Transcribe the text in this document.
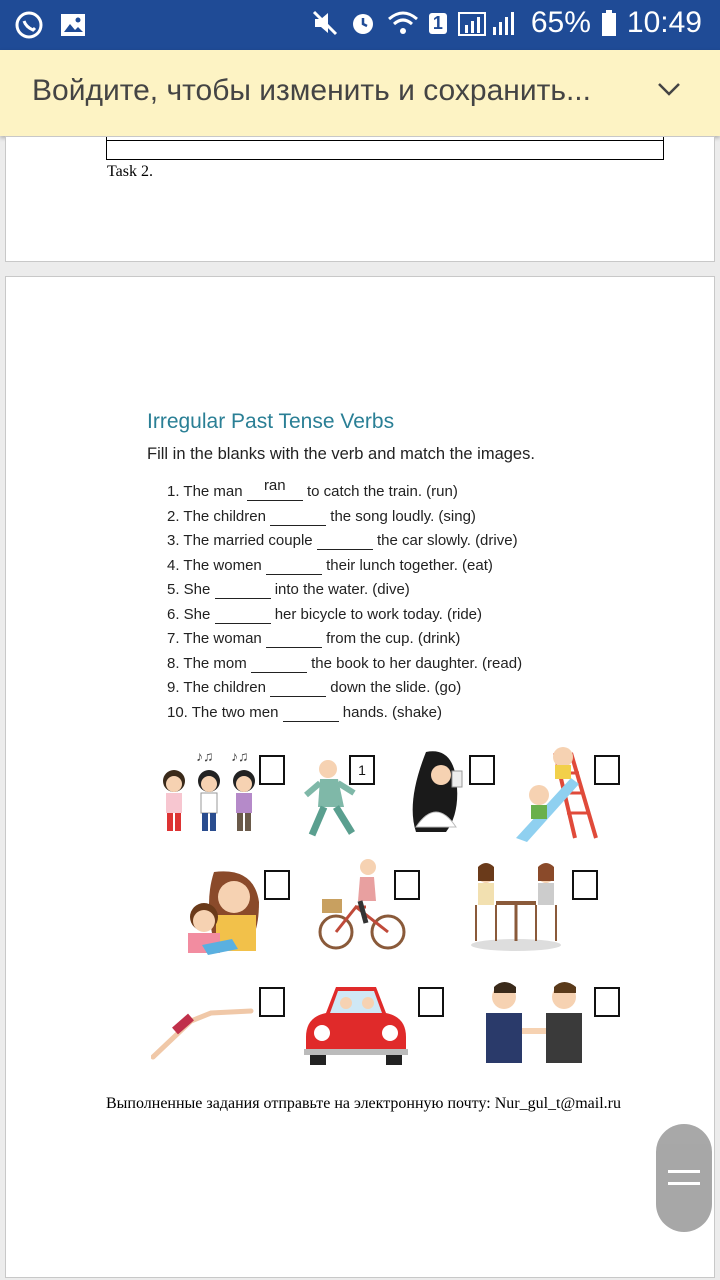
1	65% 10:49
Войдите, чтобы изменить и сохранить...
Task 2.
Irregular Past Tense Verbs
Fill in the blanks with the verb and match the images.
1. The man	ran	to catch the train. (run)
2. The children	the song loudly. (sing)
3. The married couple	the car slowly. (drive)
4. The women	their lunch together. (eat)
5. She	into the water. (dive)
6. She	her bicycle to work today. (ride)
7. The woman	from the cup. (drink)
8. The mom	the book to her daughter. (read)
9. The children	down the slide. (go)
10. The two men	hands. (shake)
♪♫ ♪♫
1
Выполненные задания отправьте на электронную почту: Nur_gul_t@mail.ru
